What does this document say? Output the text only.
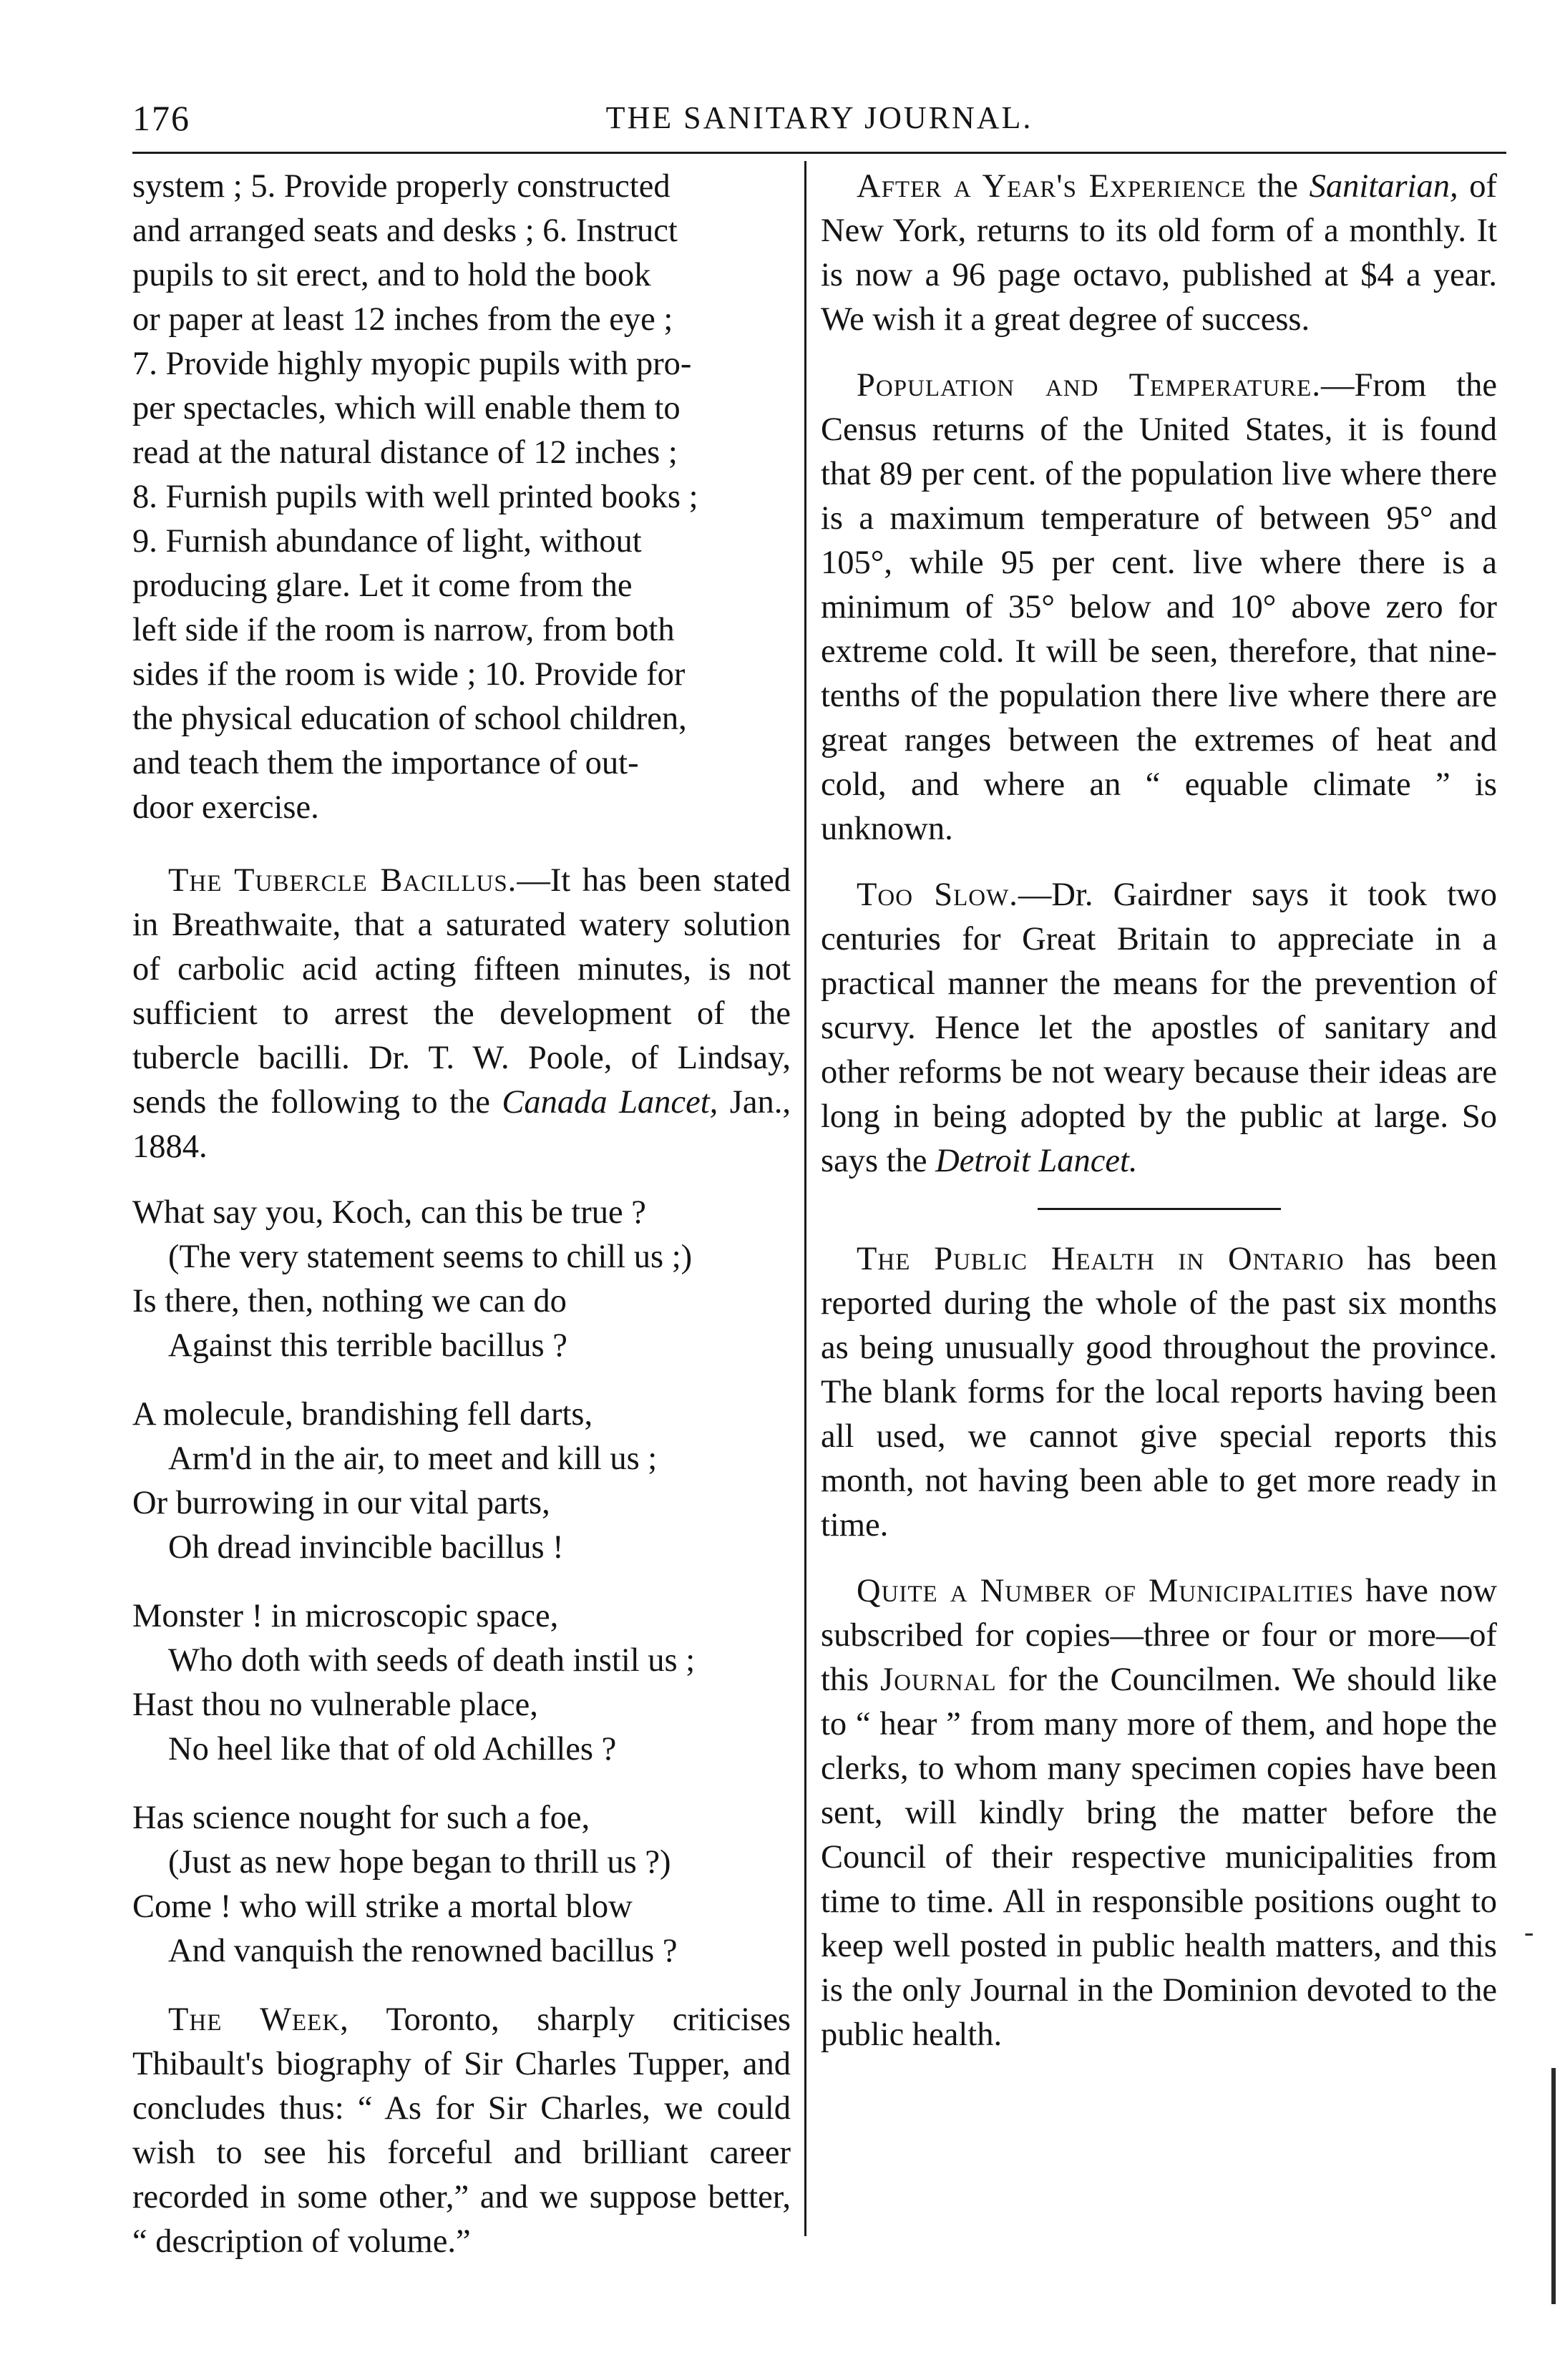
176	THE SANITARY JOURNAL.
system ; 5. Provide properly constructed
and arranged seats and desks ; 6. Instruct
pupils to sit erect, and to hold the book
or paper at least 12 inches from the eye ;
7. Provide highly myopic pupils with pro-
per spectacles, which will enable them to
read at the natural distance of 12 inches ;
8. Furnish pupils with well printed books ;
9. Furnish abundance of light, without
producing glare. Let it come from the
left side if the room is narrow, from both
sides if the room is wide ; 10. Provide for
the physical education of school children,
and teach them the importance of out-
door exercise.

The Tubercle Bacillus.—It has been stated in Breathwaite, that a saturated watery solution of carbolic acid acting fifteen minutes, is not sufficient to arrest the development of the tubercle bacilli. Dr. T. W. Poole, of Lindsay, sends the following to the Canada Lancet, Jan., 1884.

What say you, Koch, can this be true ?
(The very statement seems to chill us ;)
Is there, then, nothing we can do
Against this terrible bacillus ?
A molecule, brandishing fell darts,
Arm'd in the air, to meet and kill us ;
Or burrowing in our vital parts,
Oh dread invincible bacillus !
Monster ! in microscopic space,
Who doth with seeds of death instil us ;
Hast thou no vulnerable place,
No heel like that of old Achilles ?
Has science nought for such a foe,
(Just as new hope began to thrill us ?)
Come ! who will strike a mortal blow
And vanquish the renowned bacillus ?

The Week, Toronto, sharply criticises Thibault's biography of Sir Charles Tupper, and concludes thus: “ As for Sir Charles, we could wish to see his forceful and brilliant career recorded in some other,” and we suppose better, “ description of volume.”

After a Year's Experience the Sanitarian, of New York, returns to its old form of a monthly. It is now a 96 page octavo, published at $4 a year. We wish it a great degree of success.

Population and Temperature.—From the Census returns of the United States, it is found that 89 per cent. of the population live where there is a maximum temperature of between 95° and 105°, while 95 per cent. live where there is a minimum of 35° below and 10° above zero for extreme cold. It will be seen, therefore, that nine-tenths of the population there live where there are great ranges between the extremes of heat and cold, and where an “ equable climate ” is unknown.

Too Slow.—Dr. Gairdner says it took two centuries for Great Britain to appreciate in a practical manner the means for the prevention of scurvy. Hence let the apostles of sanitary and other reforms be not weary because their ideas are long in being adopted by the public at large. So says the Detroit Lancet.

The Public Health in Ontario has been reported during the whole of the past six months as being unusually good throughout the province. The blank forms for the local reports having been all used, we cannot give special reports this month, not having been able to get more ready in time.

Quite a Number of Municipalities have now subscribed for copies—three or four or more—of this Journal for the Councilmen. We should like to “ hear ” from many more of them, and hope the clerks, to whom many specimen copies have been sent, will kindly bring the matter before the Council of their respective municipalities from time to time. All in responsible positions ought to keep well posted in public health matters, and this is the only Journal in the Dominion devoted to the public health.

-
